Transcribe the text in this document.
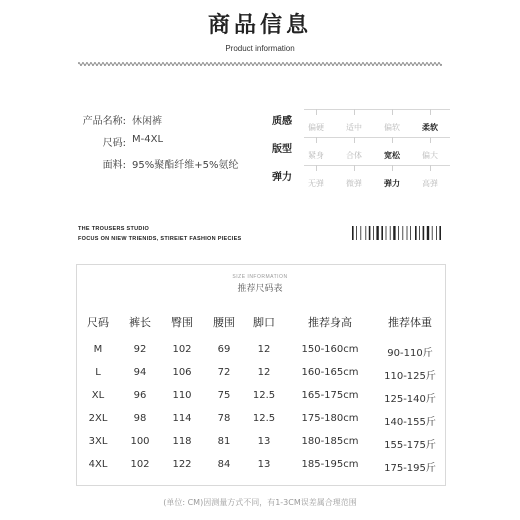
商品信息
Product information
产品名称: 休闲裤
尺码: M-4XL
面料: 95%聚酯纤维+5%氨纶
质感
偏硬	适中	偏软	柔软
版型
紧身	合体	宽松	偏大
弹力
无弹	微弹	弹力	高弹
THE TROUSERS STUDIO
FOCUS ON NIEW TRIENIDS, STIREIET FASHION PIECIES
SIZE INFORMATION
推荐尺码表
尺码 裤长 臀围 腰围 脚口	推荐身高	推荐体重
M	92	102	69	12	150-160cm	90-110斤
L	94	106	72	12	160-165cm	110-125斤
XL	96	110	75 12.5	165-175cm	125-140斤
2XL	98	114	78 12.5	175-180cm	140-155斤
3XL 100 118	81	13	180-185cm	155-175斤
4XL 102 122	84	13	185-195cm	175-195斤
(单位: CM)因测量方式不同，有1-3CM误差属合理范围
